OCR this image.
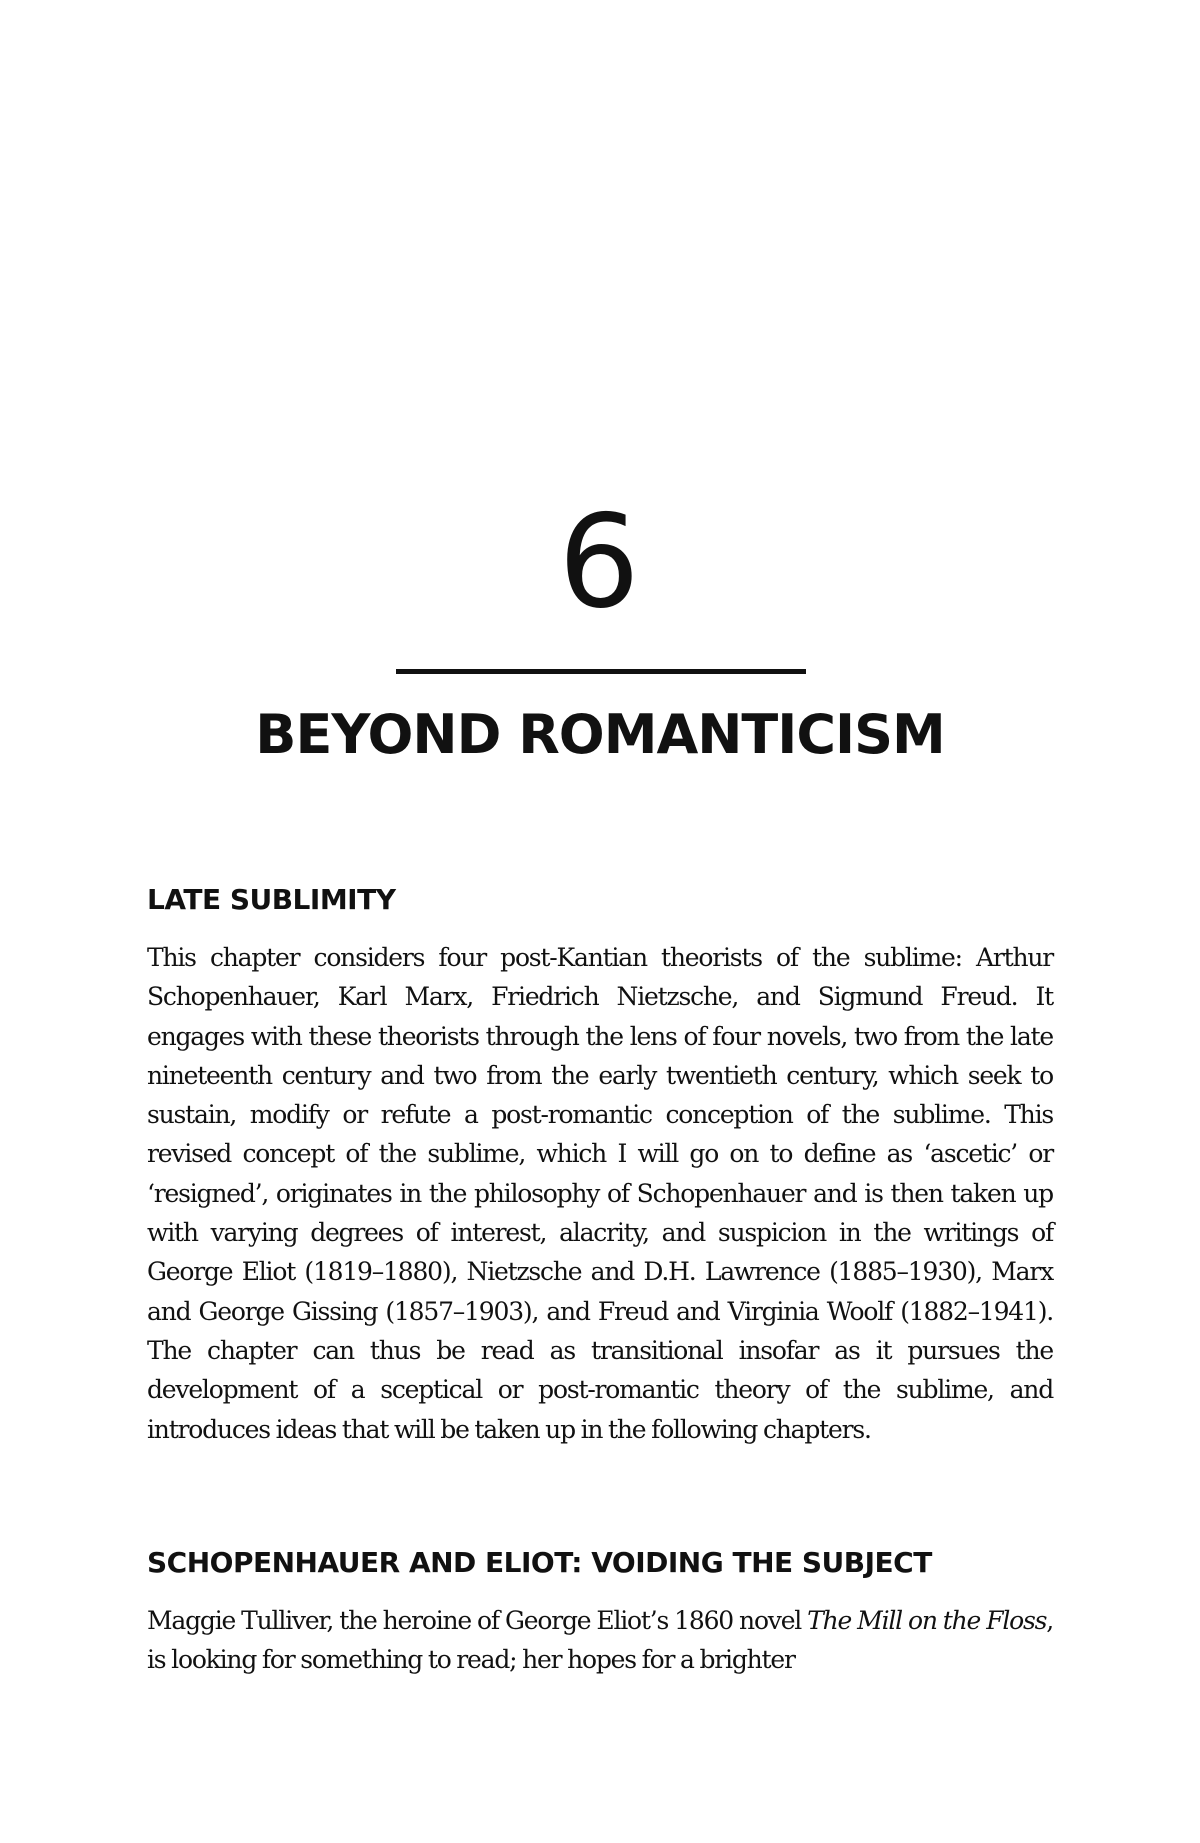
6
BEYOND ROMANTICISM
LATE SUBLIMITY
This chapter considers four post-Kantian theorists of the sublime: Arthur Schopenhauer, Karl Marx, Friedrich Nietzsche, and Sigmund Freud. It engages with these theorists through the lens of four novels, two from the late nineteenth century and two from the early twentieth century, which seek to sustain, modify or refute a post-romantic conception of the sublime. This revised concept of the sublime, which I will go on to define as ‘ascetic’ or ‘resigned’, originates in the philosophy of Schopenhauer and is then taken up with varying degrees of interest, alacrity, and suspicion in the writings of George Eliot (1819–1880), Nietzsche and D.H. Lawrence (1885–1930), Marx and George Gissing (1857–1903), and Freud and Virginia Woolf (1882–1941). The chapter can thus be read as transitional insofar as it pursues the development of a sceptical or post-romantic theory of the sublime, and introduces ideas that will be taken up in the following chapters.
SCHOPENHAUER AND ELIOT: VOIDING THE SUBJECT
Maggie Tulliver, the heroine of George Eliot’s 1860 novel The Mill on the Floss, is looking for something to read; her hopes for a brighter
